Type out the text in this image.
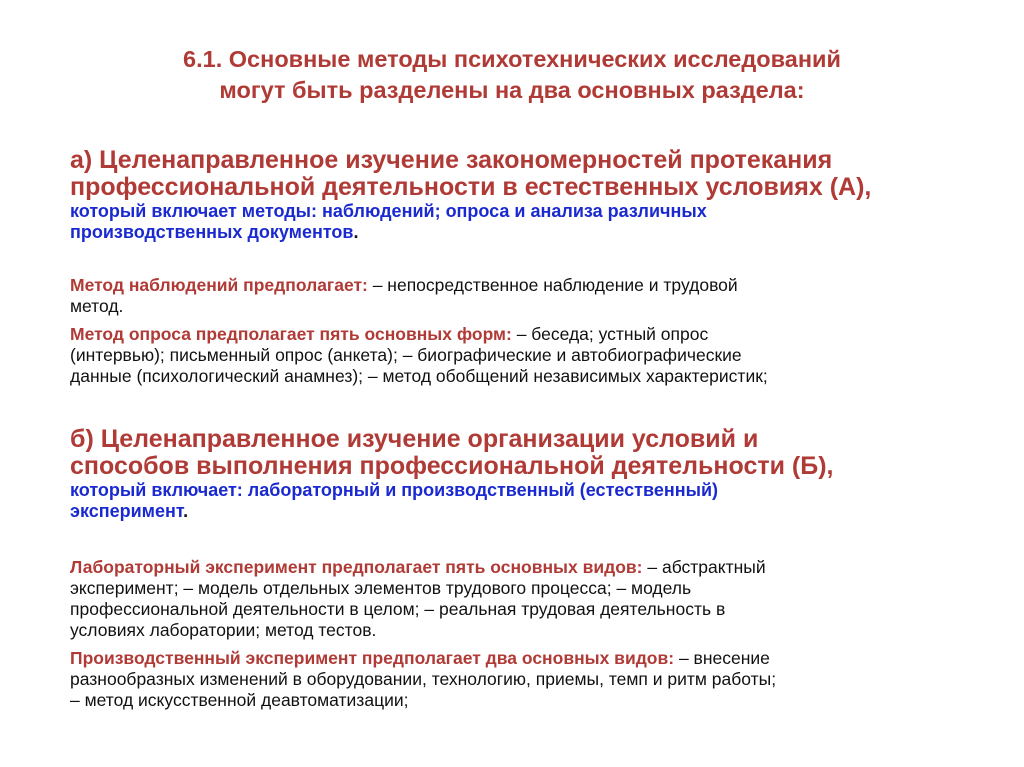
6.1. Основные методы психотехнических исследований
могут быть разделены на два основных раздела:
а) Целенаправленное изучение закономерностей протекания
профессиональной деятельности в естественных условиях (А),
который включает методы: наблюдений; опроса и анализа различных
производственных документов.
Метод наблюдений предполагает: – непосредственное наблюдение и трудовой
метод.
Метод опроса предполагает пять основных форм: – беседа; устный опрос
(интервью); письменный опрос (анкета); – биографические и автобиографические
данные (психологический анамнез); – метод обобщений независимых характеристик;
б) Целенаправленное изучение организации условий и
способов выполнения профессиональной деятельности (Б),
который включает: лабораторный и производственный (естественный)
эксперимент.
Лабораторный эксперимент предполагает пять основных видов: – абстрактный
эксперимент; – модель отдельных элементов трудового процесса; – модель
профессиональной деятельности в целом; – реальная трудовая деятельность в
условиях лаборатории; метод тестов.
Производственный эксперимент предполагает два основных видов: – внесение
разнообразных изменений в оборудовании, технологию, приемы, темп и ритм работы;
– метод искусственной деавтоматизации;
